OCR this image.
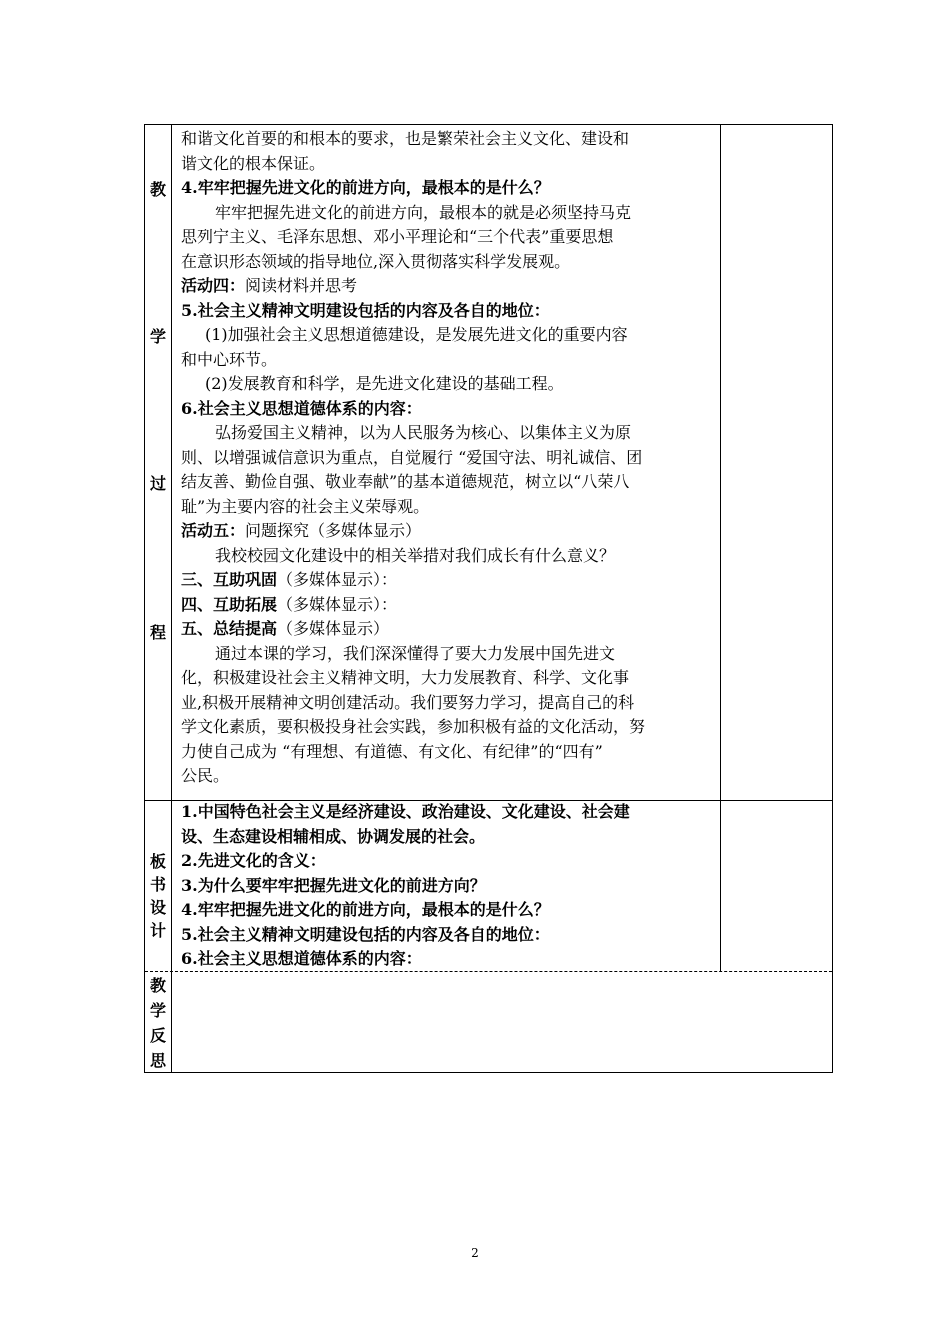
教
学
过
程
板
书
设
计
教
学
反
思

和谐文化首要的和根本的要求，也是繁荣社会主义文化、建设和

谐文化的根本保证。

4.牢牢把握先进文化的前进方向，最根本的是什么？

牢牢把握先进文化的前进方向，最根本的就是必须坚持马克

思列宁主义、毛泽东思想、邓小平理论和“三个代表”重要思想

在意识形态领域的指导地位,深入贯彻落实科学发展观。

活动四：阅读材料并思考

5.社会主义精神文明建设包括的内容及各自的地位：

(1)加强社会主义思想道德建设，是发展先进文化的重要内容

和中心环节。

(2)发展教育和科学，是先进文化建设的基础工程。

6.社会主义思想道德体系的内容：

弘扬爱国主义精神，以为人民服务为核心、以集体主义为原

则、以增强诚信意识为重点，自觉履行 “爱国守法、明礼诚信、团

结友善、勤俭自强、敬业奉献”的基本道德规范，树立以“八荣八

耻”为主要内容的社会主义荣辱观。

活动五：问题探究（多媒体显示）

我校校园文化建设中的相关举措对我们成长有什么意义？

三、互助巩固（多媒体显示）：

四、互助拓展（多媒体显示）：

五、总结提高（多媒体显示）

通过本课的学习，我们深深懂得了要大力发展中国先进文

化，积极建设社会主义精神文明，大力发展教育、科学、文化事

业,积极开展精神文明创建活动。我们要努力学习，提高自己的科

学文化素质，要积极投身社会实践，参加积极有益的文化活动，努

力使自己成为 “有理想、有道德、有文化、有纪律”的“四有”

公民。

1.中国特色社会主义是经济建设、政治建设、文化建设、社会建

设、生态建设相辅相成、协调发展的社会。

2.先进文化的含义：

3.为什么要牢牢把握先进文化的前进方向？

4.牢牢把握先进文化的前进方向，最根本的是什么？

5.社会主义精神文明建设包括的内容及各自的地位：

6.社会主义思想道德体系的内容：

2
